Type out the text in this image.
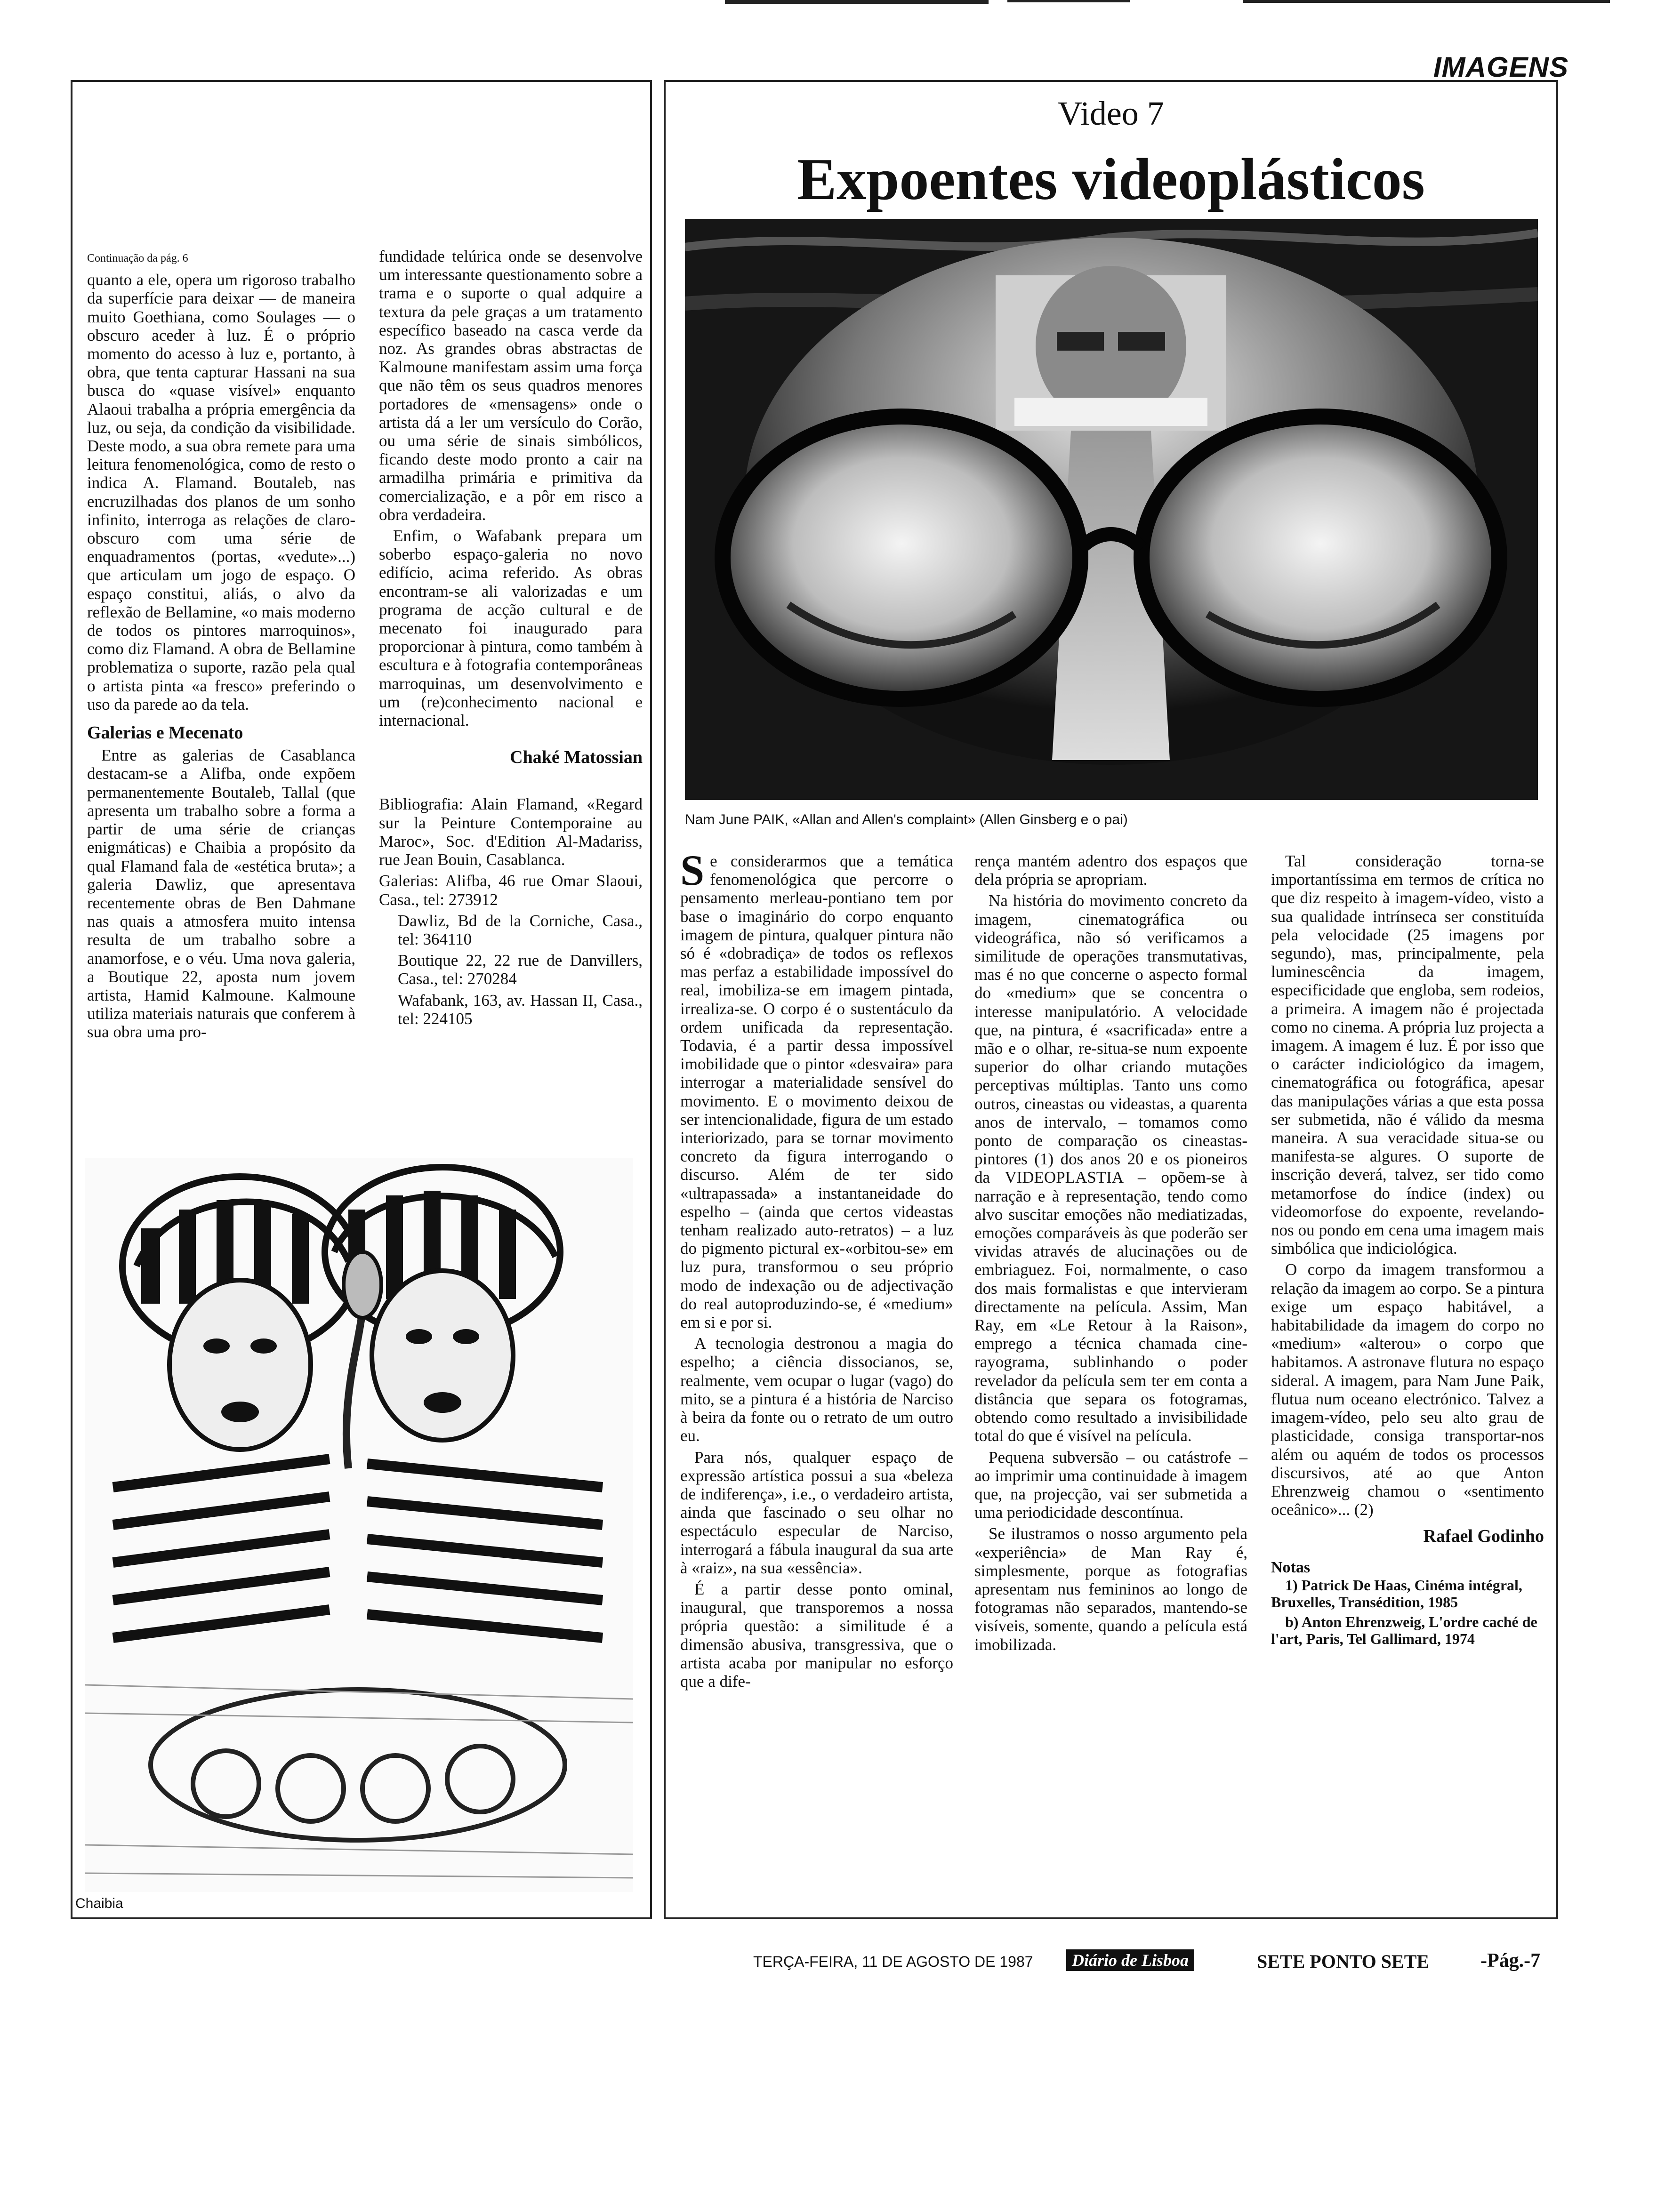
IMAGENS
Video 7
Expoentes videoplásticos
Nam June PAIK, «Allan and Allen's complaint» (Allen Ginsberg e o pai)

Se considerarmos que a temática fenomenológica que percorre o pensamento merleau-pontiano tem por base o imaginário do corpo enquanto imagem de pintura, qualquer pintura não só é «dobradiça» de todos os reflexos mas perfaz a estabilidade impossível do real, imobiliza-se em imagem pintada, irrealiza-se. O corpo é o sustentáculo da ordem unificada da representação. Todavia, é a partir dessa impossível imobilidade que o pintor «desvaira» para interrogar a materialidade sensível do movimento. E o movimento deixou de ser intencionalidade, figura de um estado interiorizado, para se tornar movimento concreto da figura interrogando o discurso. Além de ter sido «ultrapassada» a instantaneidade do espelho – (ainda que certos videastas tenham realizado auto-retratos) – a luz do pigmento pictural ex-«orbitou-se» em luz pura, transformou o seu próprio modo de indexação ou de adjectivação do real autoproduzindo-se, é «medium» em si e por si.

A tecnologia destronou a magia do espelho; a ciência dissocianos, se, realmente, vem ocupar o lugar (vago) do mito, se a pintura é a história de Narciso à beira da fonte ou o retrato de um outro eu.

Para nós, qualquer espaço de expressão artística possui a sua «beleza de indiferença», i.e., o verdadeiro artista, ainda que fascinado o seu olhar no espectáculo especular de Narciso, interrogará a fábula inaugural da sua arte à «raiz», na sua «essência».

É a partir desse ponto ominal, inaugural, que transporemos a nossa própria questão: a similitude é a dimensão abusiva, transgressiva, que o artista acaba por manipular no esforço que a dife-

rença mantém adentro dos espaços que dela própria se apropriam.

Na história do movimento concreto da imagem, cinematográfica ou videográfica, não só verificamos a similitude de operações transmutativas, mas é no que concerne o aspecto formal do «medium» que se concentra o interesse manipulatório. A velocidade que, na pintura, é «sacrificada» entre a mão e o olhar, re-situa-se num expoente superior do olhar criando mutações perceptivas múltiplas. Tanto uns como outros, cineastas ou videastas, a quarenta anos de intervalo, – tomamos como ponto de comparação os cineastas-pintores (1) dos anos 20 e os pioneiros da VIDEOPLASTIA – opõem-se à narração e à representação, tendo como alvo suscitar emoções não mediatizadas, emoções comparáveis às que poderão ser vividas através de alucinações ou de embriaguez. Foi, normalmente, o caso dos mais formalistas e que intervieram directamente na película. Assim, Man Ray, em «Le Retour à la Raison», emprego a técnica chamada cine-rayograma, sublinhando o poder revelador da película sem ter em conta a distância que separa os fotogramas, obtendo como resultado a invisibilidade total do que é visível na película.

Pequena subversão – ou catástrofe – ao imprimir uma continuidade à imagem que, na projecção, vai ser submetida a uma periodicidade descontínua.

Se ilustramos o nosso argumento pela «experiência» de Man Ray é, simplesmente, porque as fotografias apresentam nus femininos ao longo de fotogramas não separados, mantendo-se visíveis, somente, quando a película está imobilizada.

Tal consideração torna-se importantíssima em termos de crítica no que diz respeito à imagem-vídeo, visto a sua qualidade intrínseca ser constituída pela velocidade (25 imagens por segundo), mas, principalmente, pela luminescência da imagem, especificidade que engloba, sem rodeios, a primeira. A imagem não é projectada como no cinema. A própria luz projecta a imagem. A imagem é luz. É por isso que o carácter indiciológico da imagem, cinematográfica ou fotográfica, apesar das manipulações várias a que esta possa ser submetida, não é válido da mesma maneira. A sua veracidade situa-se ou manifesta-se algures. O suporte de inscrição deverá, talvez, ser tido como metamorfose do índice (index) ou videomorfose do expoente, revelando-nos ou pondo em cena uma imagem mais simbólica que indiciológica.

O corpo da imagem transformou a relação da imagem ao corpo. Se a pintura exige um espaço habitável, a habitabilidade da imagem do corpo no «medium» «alterou» o corpo que habitamos. A astronave flutura no espaço sideral. A imagem, para Nam June Paik, flutua num oceano electrónico. Talvez a imagem-vídeo, pelo seu alto grau de plasticidade, consiga transportar-nos além ou aquém de todos os processos discursivos, até ao que Anton Ehrenzweig chamou o «sentimento oceânico»... (2)

Rafael Godinho
Notas

1) Patrick De Haas, Cinéma intégral, Bruxelles, Transédition, 1985

b) Anton Ehrenzweig, L'ordre caché de l'art, Paris, Tel Gallimard, 1974

Continuação da pág. 6

quanto a ele, opera um rigoroso trabalho da superfície para deixar — de maneira muito Goethiana, como Soulages — o obscuro aceder à luz. É o próprio momento do acesso à luz e, portanto, à obra, que tenta capturar Hassani na sua busca do «quase visível» enquanto Alaoui trabalha a própria emergência da luz, ou seja, da condição da visibilidade. Deste modo, a sua obra remete para uma leitura fenomenológica, como de resto o indica A. Flamand. Boutaleb, nas encruzilhadas dos planos de um sonho infinito, interroga as relações de claro-obscuro com uma série de enquadramentos (portas, «vedute»...) que articulam um jogo de espaço. O espaço constitui, aliás, o alvo da reflexão de Bellamine, «o mais moderno de todos os pintores marroquinos», como diz Flamand. A obra de Bellamine problematiza o suporte, razão pela qual o artista pinta «a fresco» preferindo o uso da parede ao da tela.

Galerias e Mecenato

Entre as galerias de Casablanca destacam-se a Alifba, onde expõem permanentemente Boutaleb, Tallal (que apresenta um trabalho sobre a forma a partir de uma série de crianças enigmáticas) e Chaibia a propósito da qual Flamand fala de «estética bruta»; a galeria Dawliz, que apresentava recentemente obras de Ben Dahmane nas quais a atmosfera muito intensa resulta de um trabalho sobre a anamorfose, e o véu. Uma nova galeria, a Boutique 22, aposta num jovem artista, Hamid Kalmoune. Kalmoune utiliza materiais naturais que conferem à sua obra uma pro-

fundidade telúrica onde se desenvolve um interessante questionamento sobre a trama e o suporte o qual adquire a textura da pele graças a um tratamento específico baseado na casca verde da noz. As grandes obras abstractas de Kalmoune manifestam assim uma força que não têm os seus quadros menores portadores de «mensagens» onde o artista dá a ler um versículo do Corão, ou uma série de sinais simbólicos, ficando deste modo pronto a cair na armadilha primária e primitiva da comercialização, e a pôr em risco a obra verdadeira.

Enfim, o Wafabank prepara um soberbo espaço-galeria no novo edifício, acima referido. As obras encontram-se ali valorizadas e um programa de acção cultural e de mecenato foi inaugurado para proporcionar à pintura, como também à escultura e à fotografia contemporâneas marroquinas, um desenvolvimento e um (re)conhecimento nacional e internacional.

Chaké Matossian

Bibliografia: Alain Flamand, «Regard sur la Peinture Contemporaine au Maroc», Soc. d'Edition Al-Madariss, rue Jean Bouin, Casablanca.

Galerias: Alifba, 46 rue Omar Slaoui, Casa., tel: 273912

Dawliz, Bd de la Corniche, Casa., tel: 364110

Boutique 22, 22 rue de Danvillers, Casa., tel: 270284

Wafabank, 163, av. Hassan II, Casa., tel: 224105

Chaibia
TERÇA-FEIRA, 11 DE AGOSTO DE 1987	Diário de Lisboa	SETE PONTO SETE	-Pág.-7
